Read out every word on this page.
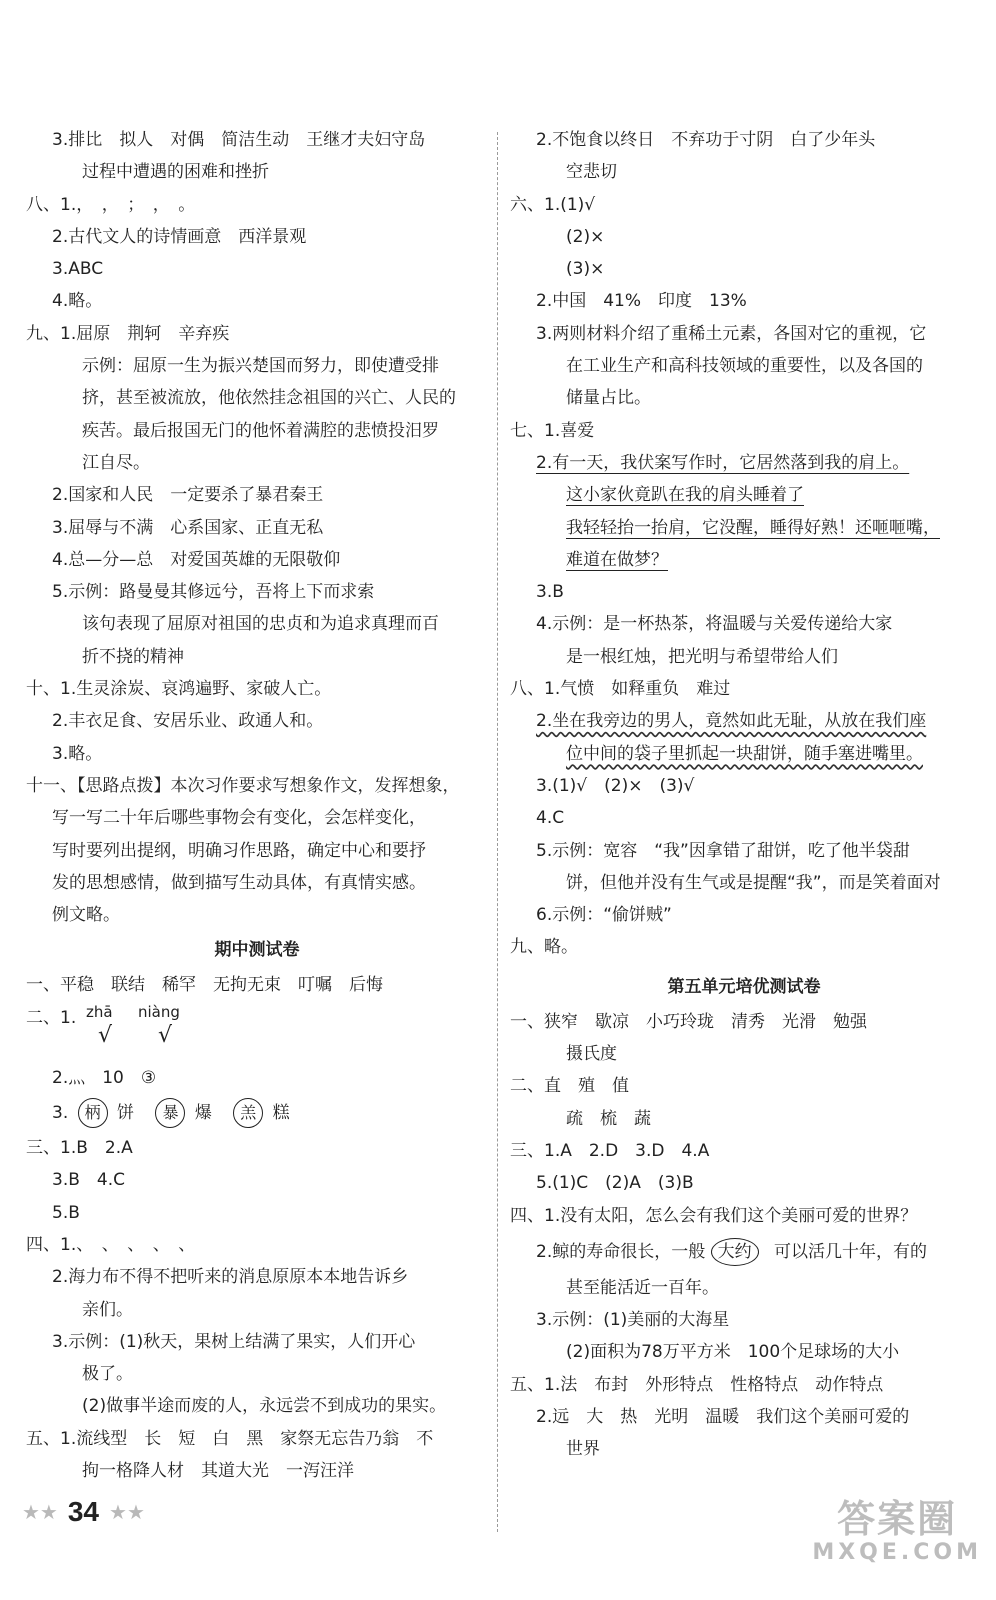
3.排比　拟人　对偶　简洁生动　王继才夫妇守岛
过程中遭遇的困难和挫折
八、1.，　，　；　，　。
2.古代文人的诗情画意　西洋景观
3.ABC
4.略。
九、1.屈原　荆轲　辛弃疾
示例：屈原一生为振兴楚国而努力，即使遭受排
挤，甚至被流放，他依然挂念祖国的兴亡、人民的
疾苦。最后报国无门的他怀着满腔的悲愤投汨罗
江自尽。
2.国家和人民　一定要杀了暴君秦王
3.屈辱与不满　心系国家、正直无私
4.总—分—总　对爱国英雄的无限敬仰
5.示例：路曼曼其修远兮，吾将上下而求索
该句表现了屈原对祖国的忠贞和为追求真理而百
折不挠的精神
十、1.生灵涂炭、哀鸿遍野、家破人亡。
2.丰衣足食、安居乐业、政通人和。
3.略。
十一、【思路点拨】本次习作要求写想象作文，发挥想象，
写一写二十年后哪些事物会有变化，会怎样变化，
写时要列出提纲，明确习作思路，确定中心和要抒
发的思想感情，做到描写生动具体，有真情实感。
例文略。
期中测试卷
一、平稳　联结　稀罕　无拘无束　叮嘱　后悔
二、1. zhā
√
niàng
√
2.灬　10　③
3. 柄 饼 暴 爆 羔 糕
三、1.B　2.A
3.B　4.C
5.B
四、1.、　、　、　、　、
2.海力布不得不把听来的消息原原本本地告诉乡
亲们。
3.示例：(1)秋天，果树上结满了果实，人们开心
极了。
(2)做事半途而废的人，永远尝不到成功的果实。
五、1.流线型　长　短　白　黑　家祭无忘告乃翁　不
拘一格降人材　其道大光　一泻汪洋
2.不饱食以终日　不弃功于寸阴　白了少年头
空悲切
六、1.(1)√
(2)×
(3)×
2.中国　41%　印度　13%
3.两则材料介绍了重稀土元素，各国对它的重视，它
在工业生产和高科技领域的重要性，以及各国的
储量占比。
七、1.喜爱
2.有一天，我伏案写作时，它居然落到我的肩上。
这小家伙竟趴在我的肩头睡着了
我轻轻抬一抬肩，它没醒，睡得好熟！还咂咂嘴，
难道在做梦？
3.B
4.示例：是一杯热茶，将温暖与关爱传递给大家
是一根红烛，把光明与希望带给人们
八、1.气愤　如释重负　难过
2.坐在我旁边的男人，竟然如此无耻，从放在我们座
位中间的袋子里抓起一块甜饼，随手塞进嘴里。
3.(1)√　(2)×　(3)√
4.C
5.示例：宽容　“我”因拿错了甜饼，吃了他半袋甜
饼，但他并没有生气或是提醒“我”，而是笑着面对
6.示例：“偷饼贼”
九、略。
第五单元培优测试卷
一、狭窄　歇凉　小巧玲珑　清秀　光滑　勉强
摄氏度
二、直　殖　值
疏　梳　蔬
三、1.A　2.D　3.D　4.A
5.(1)C　(2)A　(3)B
四、1.没有太阳，怎么会有我们这个美丽可爱的世界？
2.鲸的寿命很长，一般 大约 可以活几十年，有的
甚至能活近一百年。
3.示例：(1)美丽的大海星
(2)面积为78万平方米　100个足球场的大小
五、1.法　布封　外形特点　性格特点　动作特点
2.远　大　热　光明　温暖　我们这个美丽可爱的
世界
★★ 34 ★★	答案圈
MXQE.COM
